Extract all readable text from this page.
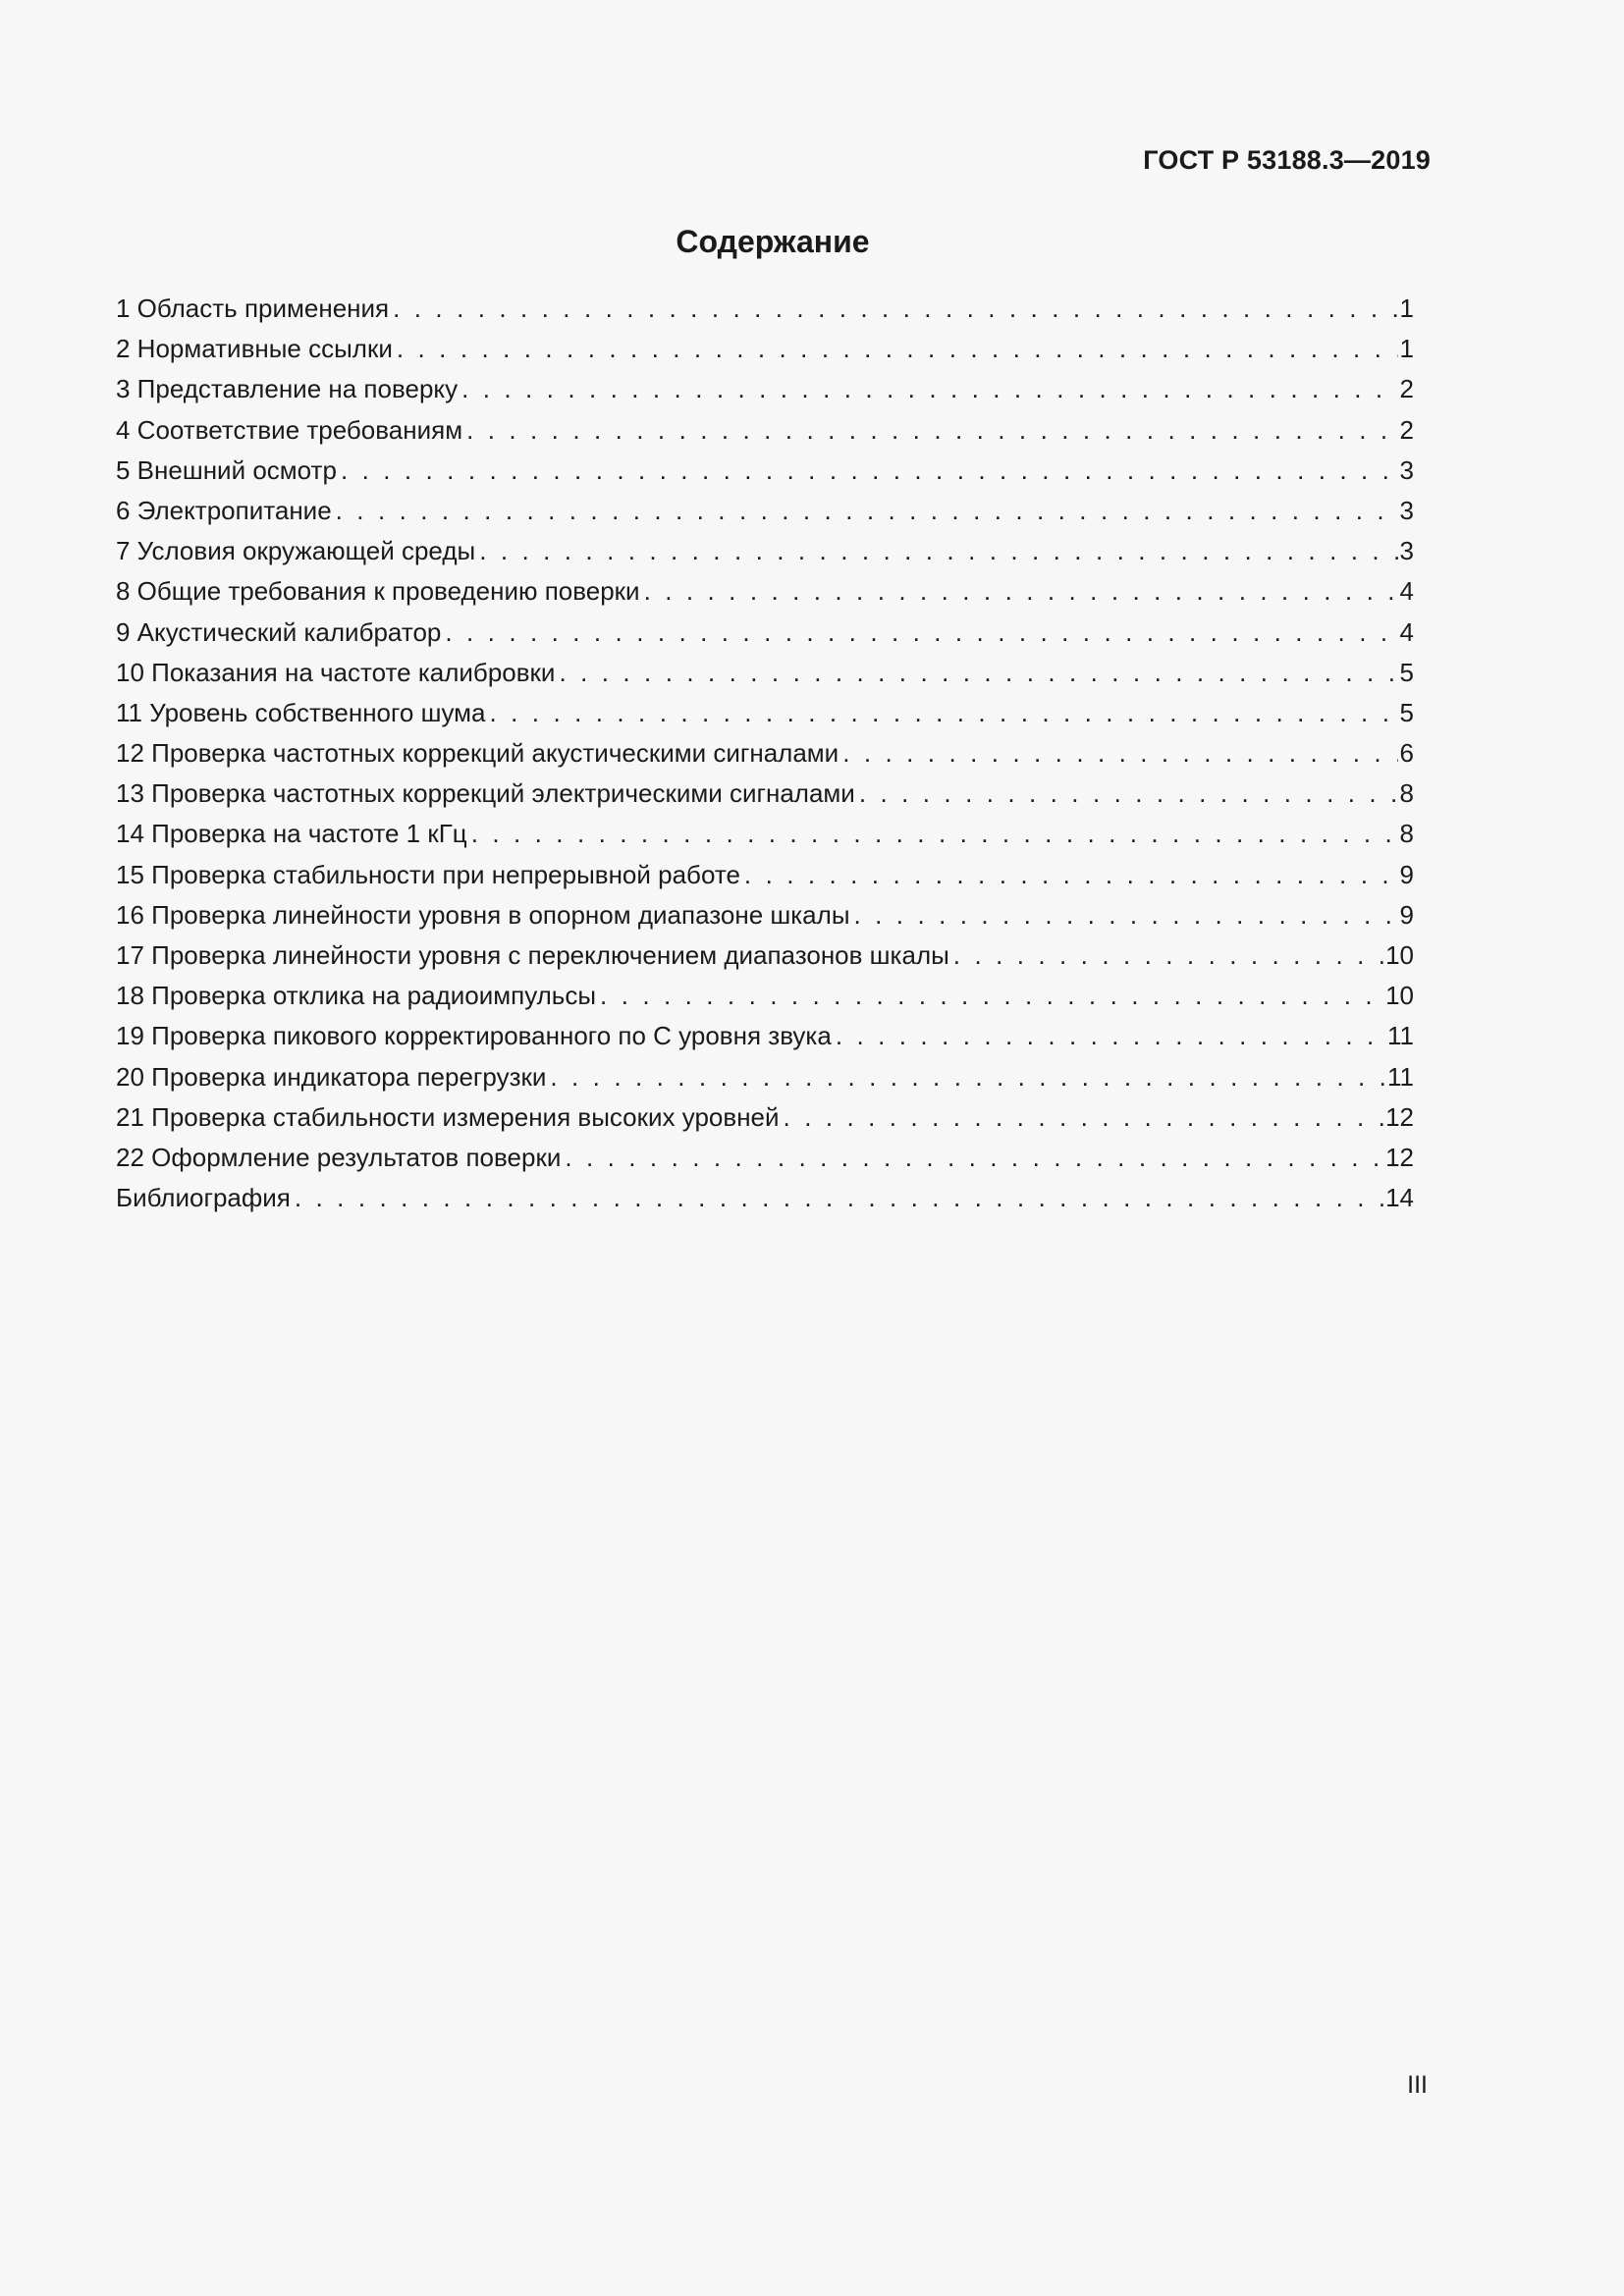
ГОСТ Р 53188.3—2019
Содержание
1 Область применения . . .	1
2 Нормативные ссылки . . .	1
3 Представление на поверку . . .	2
4 Соответствие требованиям . . .	2
5 Внешний осмотр . . .	3
6 Электропитание . . .	3
7 Условия окружающей среды . . .	3
8 Общие требования к проведению поверки . . .	4
9 Акустический калибратор . . .	4
10 Показания на частоте калибровки . . .	5
11 Уровень собственного шума . . .	5
12 Проверка частотных коррекций акустическими сигналами . . .	6
13 Проверка частотных коррекций электрическими сигналами . . .	8
14 Проверка на частоте 1 кГц . . .	8
15 Проверка стабильности при непрерывной работе . . .	9
16 Проверка линейности уровня в опорном диапазоне шкалы . . .	9
17 Проверка линейности уровня с переключением диапазонов шкалы . . .	10
18 Проверка отклика на радиоимпульсы . . .	10
19 Проверка пикового корректированного по С уровня звука . . .	11
20 Проверка индикатора перегрузки . . .	11
21 Проверка стабильности измерения высоких уровней . . .	12
22 Оформление результатов поверки . . .	12
Библиография . . .	14
III
